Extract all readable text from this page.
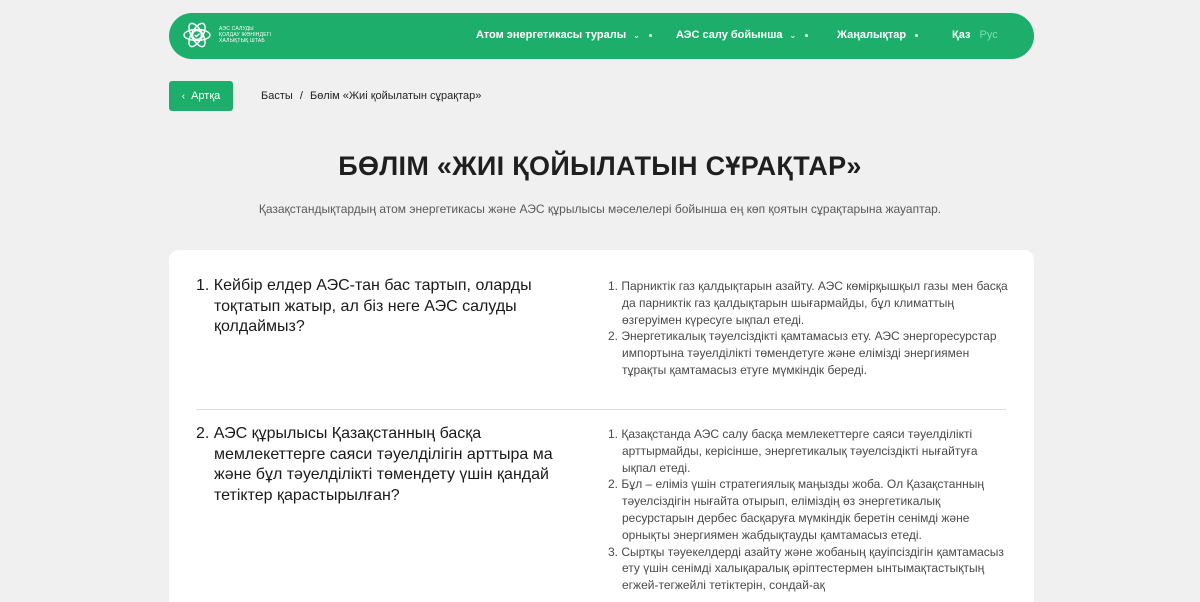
АЭС САЛУДЫ
ҚОЛДАУ ЖӨНІНДЕГІ
ХАЛЫҚТЫҚ ШТАБ	Атом энергетикасы туралы ⌄	АЭС салу бойынша ⌄	Жаңалықтар	Қаз Рус
‹ Артқа	Басты / Бөлім «Жиі қойылатын сұрақтар»
БӨЛІМ «ЖИІ ҚОЙЫЛАТЫН СҰРАҚТАР»

Қазақстандықтардың атом энергетикасы және АЭС құрылысы мәселелері бойынша ең көп қоятын сұрақтарына жауаптар.

1. Кейбір елдер АЭС-тан бас тартып, оларды тоқтатып жатыр, ал біз неге АЭС салуды қолдаймыз?
1. Парниктік газ қалдықтарын азайту. АЭС көмірқышқыл газы мен басқа да парниктік газ қалдықтарын шығармайды, бұл климаттың өзгеруімен күресуге ықпал етеді.
2. Энергетикалық тәуелсіздікті қамтамасыз ету. АЭС энергоресурстар импортына тәуелділікті төмендетуге және елімізді энергиямен тұрақты қамтамасыз етуге мүмкіндік береді.
2. АЭС құрылысы Қазақстанның басқа мемлекеттерге саяси тәуелділігін арттыра ма және бұл тәуелділікті төмендету үшін қандай тетіктер қарастырылған?
1. Қазақстанда АЭС салу басқа мемлекеттерге саяси тәуелділікті арттырмайды, керісінше, энергетикалық тәуелсіздікті нығайтуға ықпал етеді.
2. Бұл – еліміз үшін стратегиялық маңызды жоба. Ол Қазақстанның тәуелсіздігін нығайта отырып, еліміздің өз энергетикалық ресурстарын дербес басқаруға мүмкіндік беретін сенімді және орнықты энергиямен жабдықтауды қамтамасыз етеді.
3. Сыртқы тәуекелдерді азайту және жобаның қауіпсіздігін қамтамасыз ету үшін сенімді халықаралық әріптестермен ынтымақтастықтың егжей-тегжейлі тетіктерін, сондай-ақ
